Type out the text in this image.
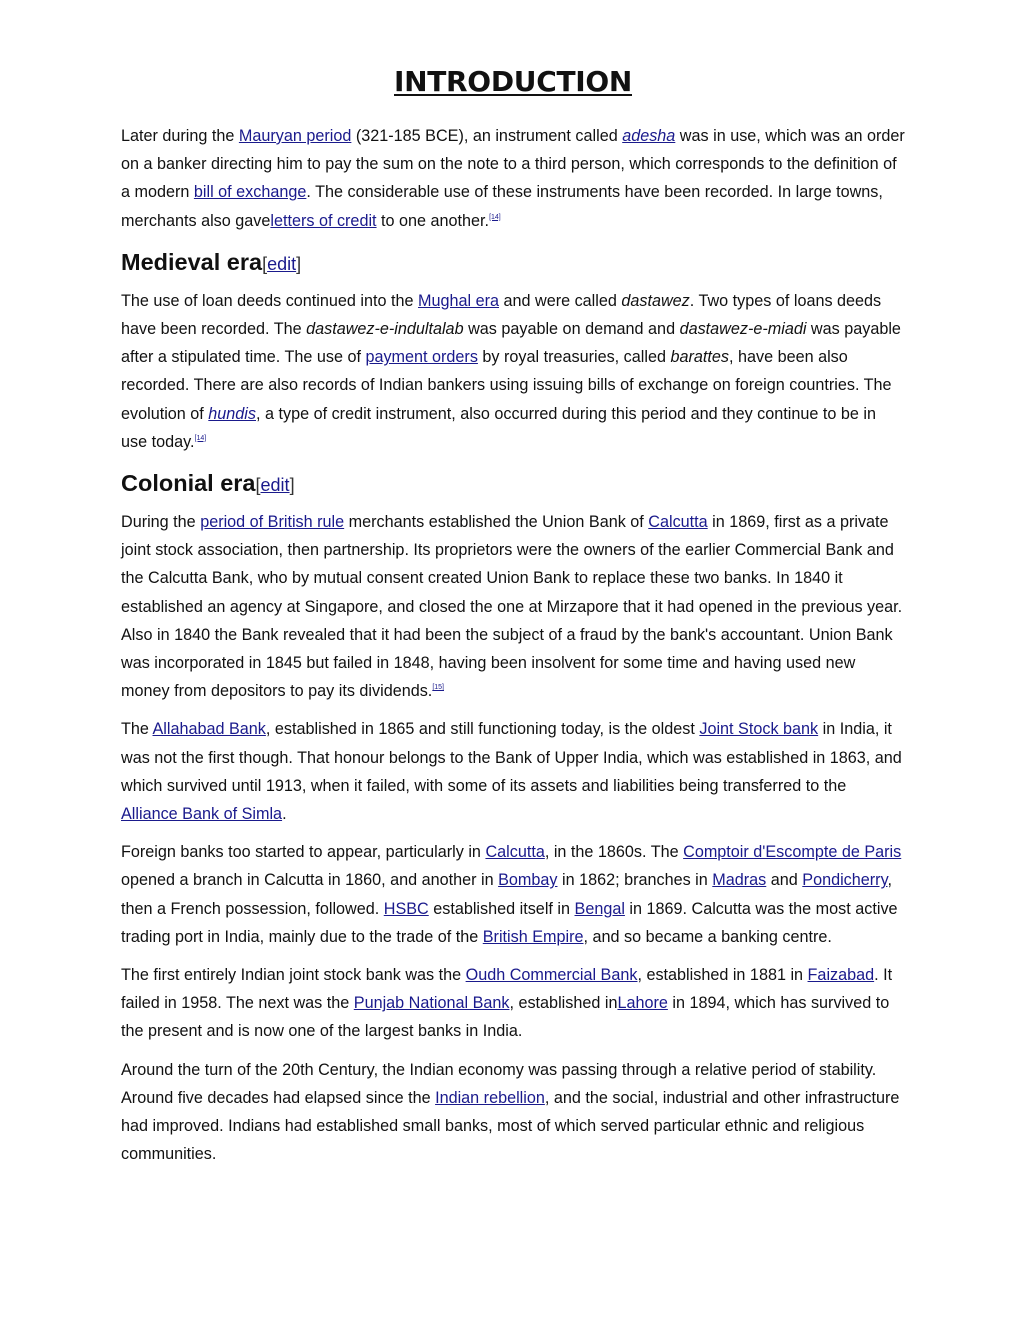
INTRODUCTION

Later during the Mauryan period (321-185 BCE), an instrument called adesha was in use, which was an order on a banker directing him to pay the sum on the note to a third person, which corresponds to the definition of a modern bill of exchange. The considerable use of these instruments have been recorded. In large towns, merchants also gaveletters of credit to one another.[14]

Medieval era[edit]

The use of loan deeds continued into the Mughal era and were called dastawez. Two types of loans deeds have been recorded. The dastawez-e-indultalab was payable on demand and dastawez-e-miadi was payable after a stipulated time. The use of payment orders by royal treasuries, called barattes, have been also recorded. There are also records of Indian bankers using issuing bills of exchange on foreign countries. The evolution of hundis, a type of credit instrument, also occurred during this period and they continue to be in use today.[14]

Colonial era[edit]

During the period of British rule merchants established the Union Bank of Calcutta in 1869, first as a private joint stock association, then partnership. Its proprietors were the owners of the earlier Commercial Bank and the Calcutta Bank, who by mutual consent created Union Bank to replace these two banks. In 1840 it established an agency at Singapore, and closed the one at Mirzapore that it had opened in the previous year. Also in 1840 the Bank revealed that it had been the subject of a fraud by the bank's accountant. Union Bank was incorporated in 1845 but failed in 1848, having been insolvent for some time and having used new money from depositors to pay its dividends.[15]

The Allahabad Bank, established in 1865 and still functioning today, is the oldest Joint Stock bank in India, it was not the first though. That honour belongs to the Bank of Upper India, which was established in 1863, and which survived until 1913, when it failed, with some of its assets and liabilities being transferred to the Alliance Bank of Simla.

Foreign banks too started to appear, particularly in Calcutta, in the 1860s. The Comptoir d'Escompte de Paris opened a branch in Calcutta in 1860, and another in Bombay in 1862; branches in Madras and Pondicherry, then a French possession, followed. HSBC established itself in Bengal in 1869. Calcutta was the most active trading port in India, mainly due to the trade of the British Empire, and so became a banking centre.

The first entirely Indian joint stock bank was the Oudh Commercial Bank, established in 1881 in Faizabad. It failed in 1958. The next was the Punjab National Bank, established inLahore in 1894, which has survived to the present and is now one of the largest banks in India.

Around the turn of the 20th Century, the Indian economy was passing through a relative period of stability. Around five decades had elapsed since the Indian rebellion, and the social, industrial and other infrastructure had improved. Indians had established small banks, most of which served particular ethnic and religious communities.
